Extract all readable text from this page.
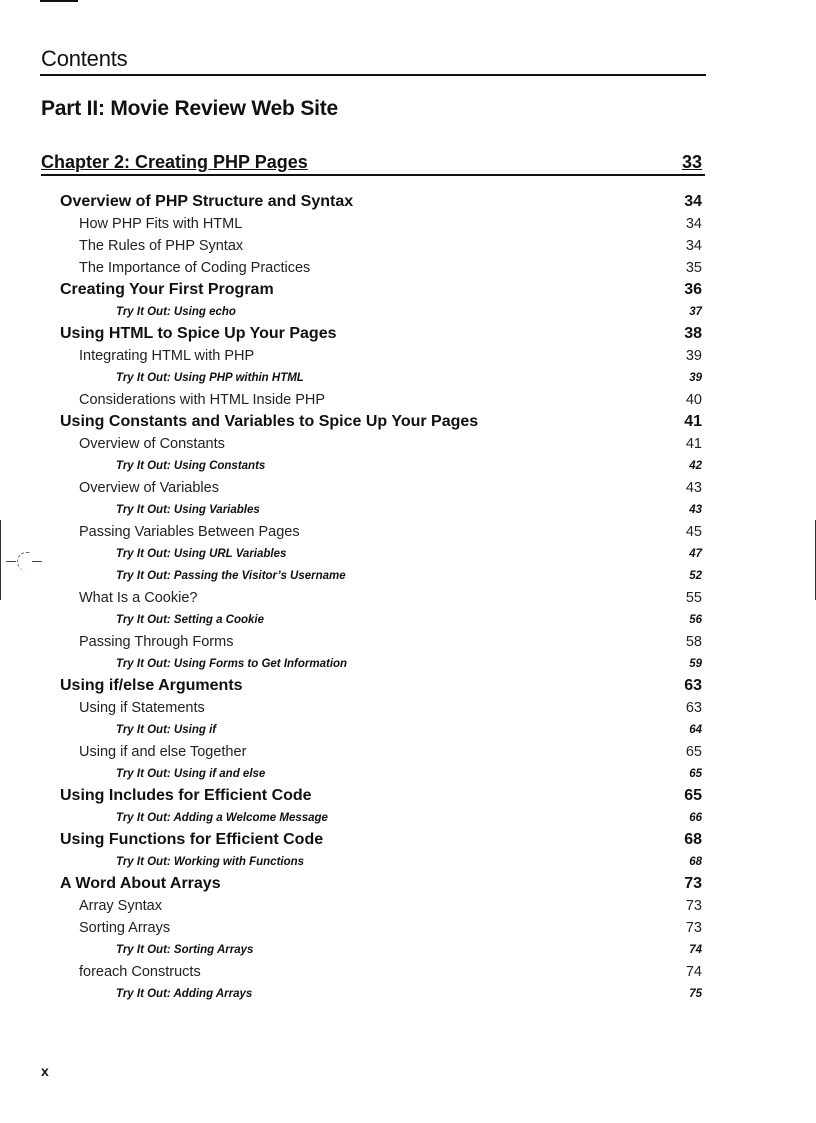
Contents
Part II: Movie Review Web Site
Chapter 2: Creating PHP Pages	33
Overview of PHP Structure and Syntax	34
How PHP Fits with HTML	34
The Rules of PHP Syntax	34
The Importance of Coding Practices	35
Creating Your First Program	36
Try It Out: Using echo	37
Using HTML to Spice Up Your Pages	38
Integrating HTML with PHP	39
Try It Out: Using PHP within HTML	39
Considerations with HTML Inside PHP	40
Using Constants and Variables to Spice Up Your Pages	41
Overview of Constants	41
Try It Out: Using Constants	42
Overview of Variables	43
Try It Out: Using Variables	43
Passing Variables Between Pages	45
Try It Out: Using URL Variables	47
Try It Out: Passing the Visitor’s Username	52
What Is a Cookie?	55
Try It Out: Setting a Cookie	56
Passing Through Forms	58
Try It Out: Using Forms to Get Information	59
Using if/else Arguments	63
Using if Statements	63
Try It Out: Using if	64
Using if and else Together	65
Try It Out: Using if and else	65
Using Includes for Efficient Code	65
Try It Out: Adding a Welcome Message	66
Using Functions for Efficient Code	68
Try It Out: Working with Functions	68
A Word About Arrays	73
Array Syntax	73
Sorting Arrays	73
Try It Out: Sorting Arrays	74
foreach Constructs	74
Try It Out: Adding Arrays	75
x
